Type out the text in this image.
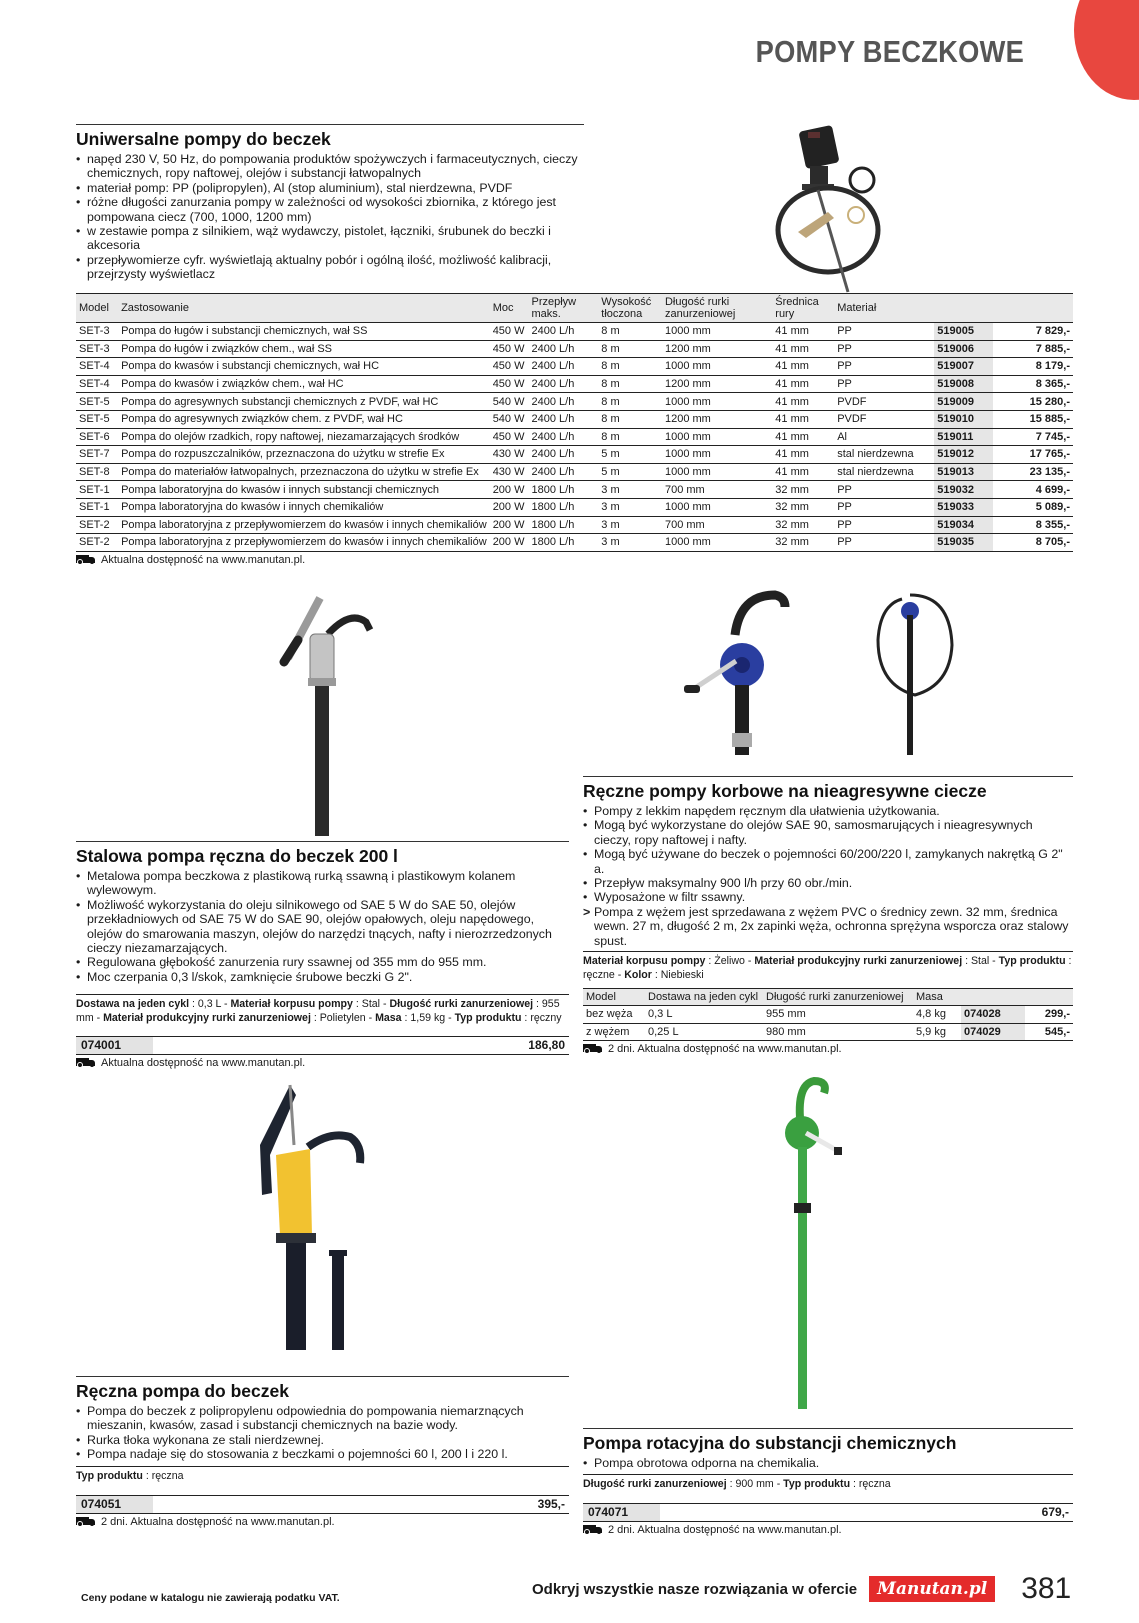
POMPY BECZKOWE
Uniwersalne pompy do beczek
• napęd 230 V, 50 Hz, do pompowania produktów spożywczych i farmaceutycznych, cieczy chemicznych, ropy naftowej, olejów i substancji łatwopalnych
• materiał pomp: PP (polipropylen), Al (stop aluminium), stal nierdzewna, PVDF
• różne długości zanurzania pompy w zależności od wysokości zbiornika, z którego jest pompowana ciecz (700, 1000, 1200 mm)
• w zestawie pompa z silnikiem, wąż wydawczy, pistolet, łączniki, śrubunek do beczki i akcesoria
• przepływomierze cyfr. wyświetlają aktualny pobór i ogólną ilość, możliwość kalibracji, przejrzysty wyświetlacz
Model	Zastosowanie	Moc	Przepływ maks.	Wysokość tłoczona	Długość rurki zanurzeniowej	Średnica rury	Materiał		
SET-3	Pompa do ługów i substancji chemicznych, wał SS	450 W	2400 L/h	8 m	1000 mm	41 mm	PP	519005	7 829,-
SET-3	Pompa do ługów i związków chem., wał SS	450 W	2400 L/h	8 m	1200 mm	41 mm	PP	519006	7 885,-
SET-4	Pompa do kwasów i substancji chemicznych, wał HC	450 W	2400 L/h	8 m	1000 mm	41 mm	PP	519007	8 179,-
SET-4	Pompa do kwasów i związków chem., wał HC	450 W	2400 L/h	8 m	1200 mm	41 mm	PP	519008	8 365,-
SET-5	Pompa do agresywnych substancji chemicznych z PVDF, wał HC	540 W	2400 L/h	8 m	1000 mm	41 mm	PVDF	519009	15 280,-
SET-5	Pompa do agresywnych związków chem. z PVDF, wał HC	540 W	2400 L/h	8 m	1200 mm	41 mm	PVDF	519010	15 885,-
SET-6	Pompa do olejów rzadkich, ropy naftowej, niezamarzających środków	450 W	2400 L/h	8 m	1000 mm	41 mm	Al	519011	7 745,-
SET-7	Pompa do rozpuszczalników, przeznaczona do użytku w strefie Ex	430 W	2400 L/h	5 m	1000 mm	41 mm	stal nierdzewna	519012	17 765,-
SET-8	Pompa do materiałów łatwopalnych, przeznaczona do użytku w strefie Ex	430 W	2400 L/h	5 m	1000 mm	41 mm	stal nierdzewna	519013	23 135,-
SET-1	Pompa laboratoryjna do kwasów i innych substancji chemicznych	200 W	1800 L/h	3 m	700 mm	32 mm	PP	519032	4 699,-
SET-1	Pompa laboratoryjna do kwasów i innych chemikaliów	200 W	1800 L/h	3 m	1000 mm	32 mm	PP	519033	5 089,-
SET-2	Pompa laboratoryjna z przepływomierzem do kwasów i innych chemikaliów	200 W	1800 L/h	3 m	700 mm	32 mm	PP	519034	8 355,-
SET-2	Pompa laboratoryjna z przepływomierzem do kwasów i innych chemikaliów	200 W	1800 L/h	3 m	1000 mm	32 mm	PP	519035	8 705,-
Aktualna dostępność na www.manutan.pl.
Stalowa pompa ręczna do beczek 200 l
• Metalowa pompa beczkowa z plastikową rurką ssawną i plastikowym kolanem wylewowym.
• Możliwość wykorzystania do oleju silnikowego od SAE 5 W do SAE 50, olejów przekładniowych od SAE 75 W do SAE 90, olejów opałowych, oleju napędowego, olejów do smarowania maszyn, olejów do narzędzi tnących, nafty i nierozrzedzonych cieczy niezamarzających.
• Regulowana głębokość zanurzenia rury ssawnej od 355 mm do 955 mm.
• Moc czerpania 0,3 l/skok, zamknięcie śrubowe beczki G 2".
Dostawa na jeden cykl : 0,3 L - Materiał korpusu pompy : Stal - Długość rurki zanurzeniowej : 955 mm - Materiał produkcyjny rurki zanurzeniowej : Polietylen - Masa : 1,59 kg - Typ produktu : ręczny
074001	186,80
Aktualna dostępność na www.manutan.pl.
Ręczne pompy korbowe na nieagresywne ciecze
• Pompy z lekkim napędem ręcznym dla ułatwienia użytkowania.
• Mogą być wykorzystane do olejów SAE 90, samosmarujących i nieagresywnych cieczy, ropy naftowej i nafty.
• Mogą być używane do beczek o pojemności 60/200/220 l, zamykanych nakrętką G 2" a.
• Przepływ maksymalny 900 l/h przy 60 obr./min.
• Wyposażone w filtr ssawny.
> Pompa z wężem jest sprzedawana z wężem PVC o średnicy zewn. 32 mm, średnica wewn. 27 m, długość 2 m, 2x zapinki węża, ochronna sprężyna wsporcza oraz stalowy spust.
Materiał korpusu pompy : Żeliwo - Materiał produkcyjny rurki zanurzeniowej : Stal - Typ produktu : ręczne - Kolor : Niebieski
Model	Dostawa na jeden cykl	Długość rurki zanurzeniowej	Masa		
bez węża	0,3 L	955 mm	4,8 kg	074028	299,-
z wężem	0,25 L	980 mm	5,9 kg	074029	545,-
2 dni. Aktualna dostępność na www.manutan.pl.
Ręczna pompa do beczek
• Pompa do beczek z polipropylenu odpowiednia do pompowania niemarznących mieszanin, kwasów, zasad i substancji chemicznych na bazie wody.
• Rurka tłoka wykonana ze stali nierdzewnej.
• Pompa nadaje się do stosowania z beczkami o pojemności 60 l, 200 l i 220 l.
Typ produktu : ręczna
074051	395,-
2 dni. Aktualna dostępność na www.manutan.pl.
Pompa rotacyjna do substancji chemicznych
• Pompa obrotowa odporna na chemikalia.
Długość rurki zanurzeniowej : 900 mm - Typ produktu : ręczna
074071	679,-
2 dni. Aktualna dostępność na www.manutan.pl.
Ceny podane w katalogu nie zawierają podatku VAT.
Odkryj wszystkie nasze rozwiązania w ofercie	Manutan.pl 381
